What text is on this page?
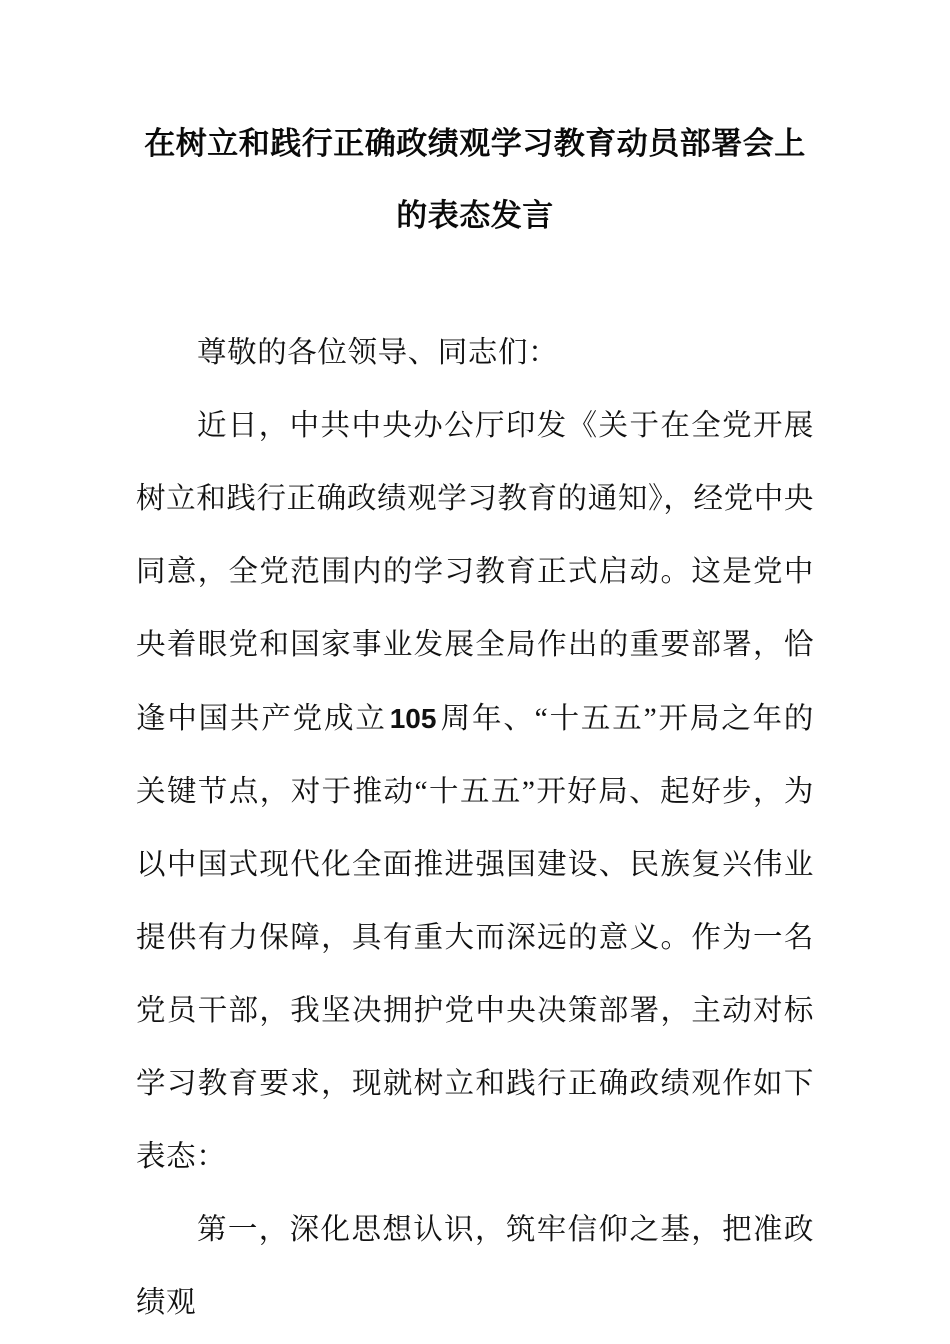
在树立和践行正确政绩观学习教育动员部署会上的表态发言

尊敬的各位领导、同志们：

近日，中共中央办公厅印发《关于在全党开展树立和践行正确政绩观学习教育的通知》，经党中央同意，全党范围内的学习教育正式启动。这是党中央着眼党和国家事业发展全局作出的重要部署，恰逢中国共产党成立 105 周年、“十五五”开局之年的关键节点，对于推动“十五五”开好局、起好步，为以中国式现代化全面推进强国建设、民族复兴伟业提供有力保障，具有重大而深远的意义。作为一名党员干部，我坚决拥护党中央决策部署，主动对标学习教育要求，现就树立和践行正确政绩观作如下表态：

第一，深化思想认识，筑牢信仰之基，把准政绩观
